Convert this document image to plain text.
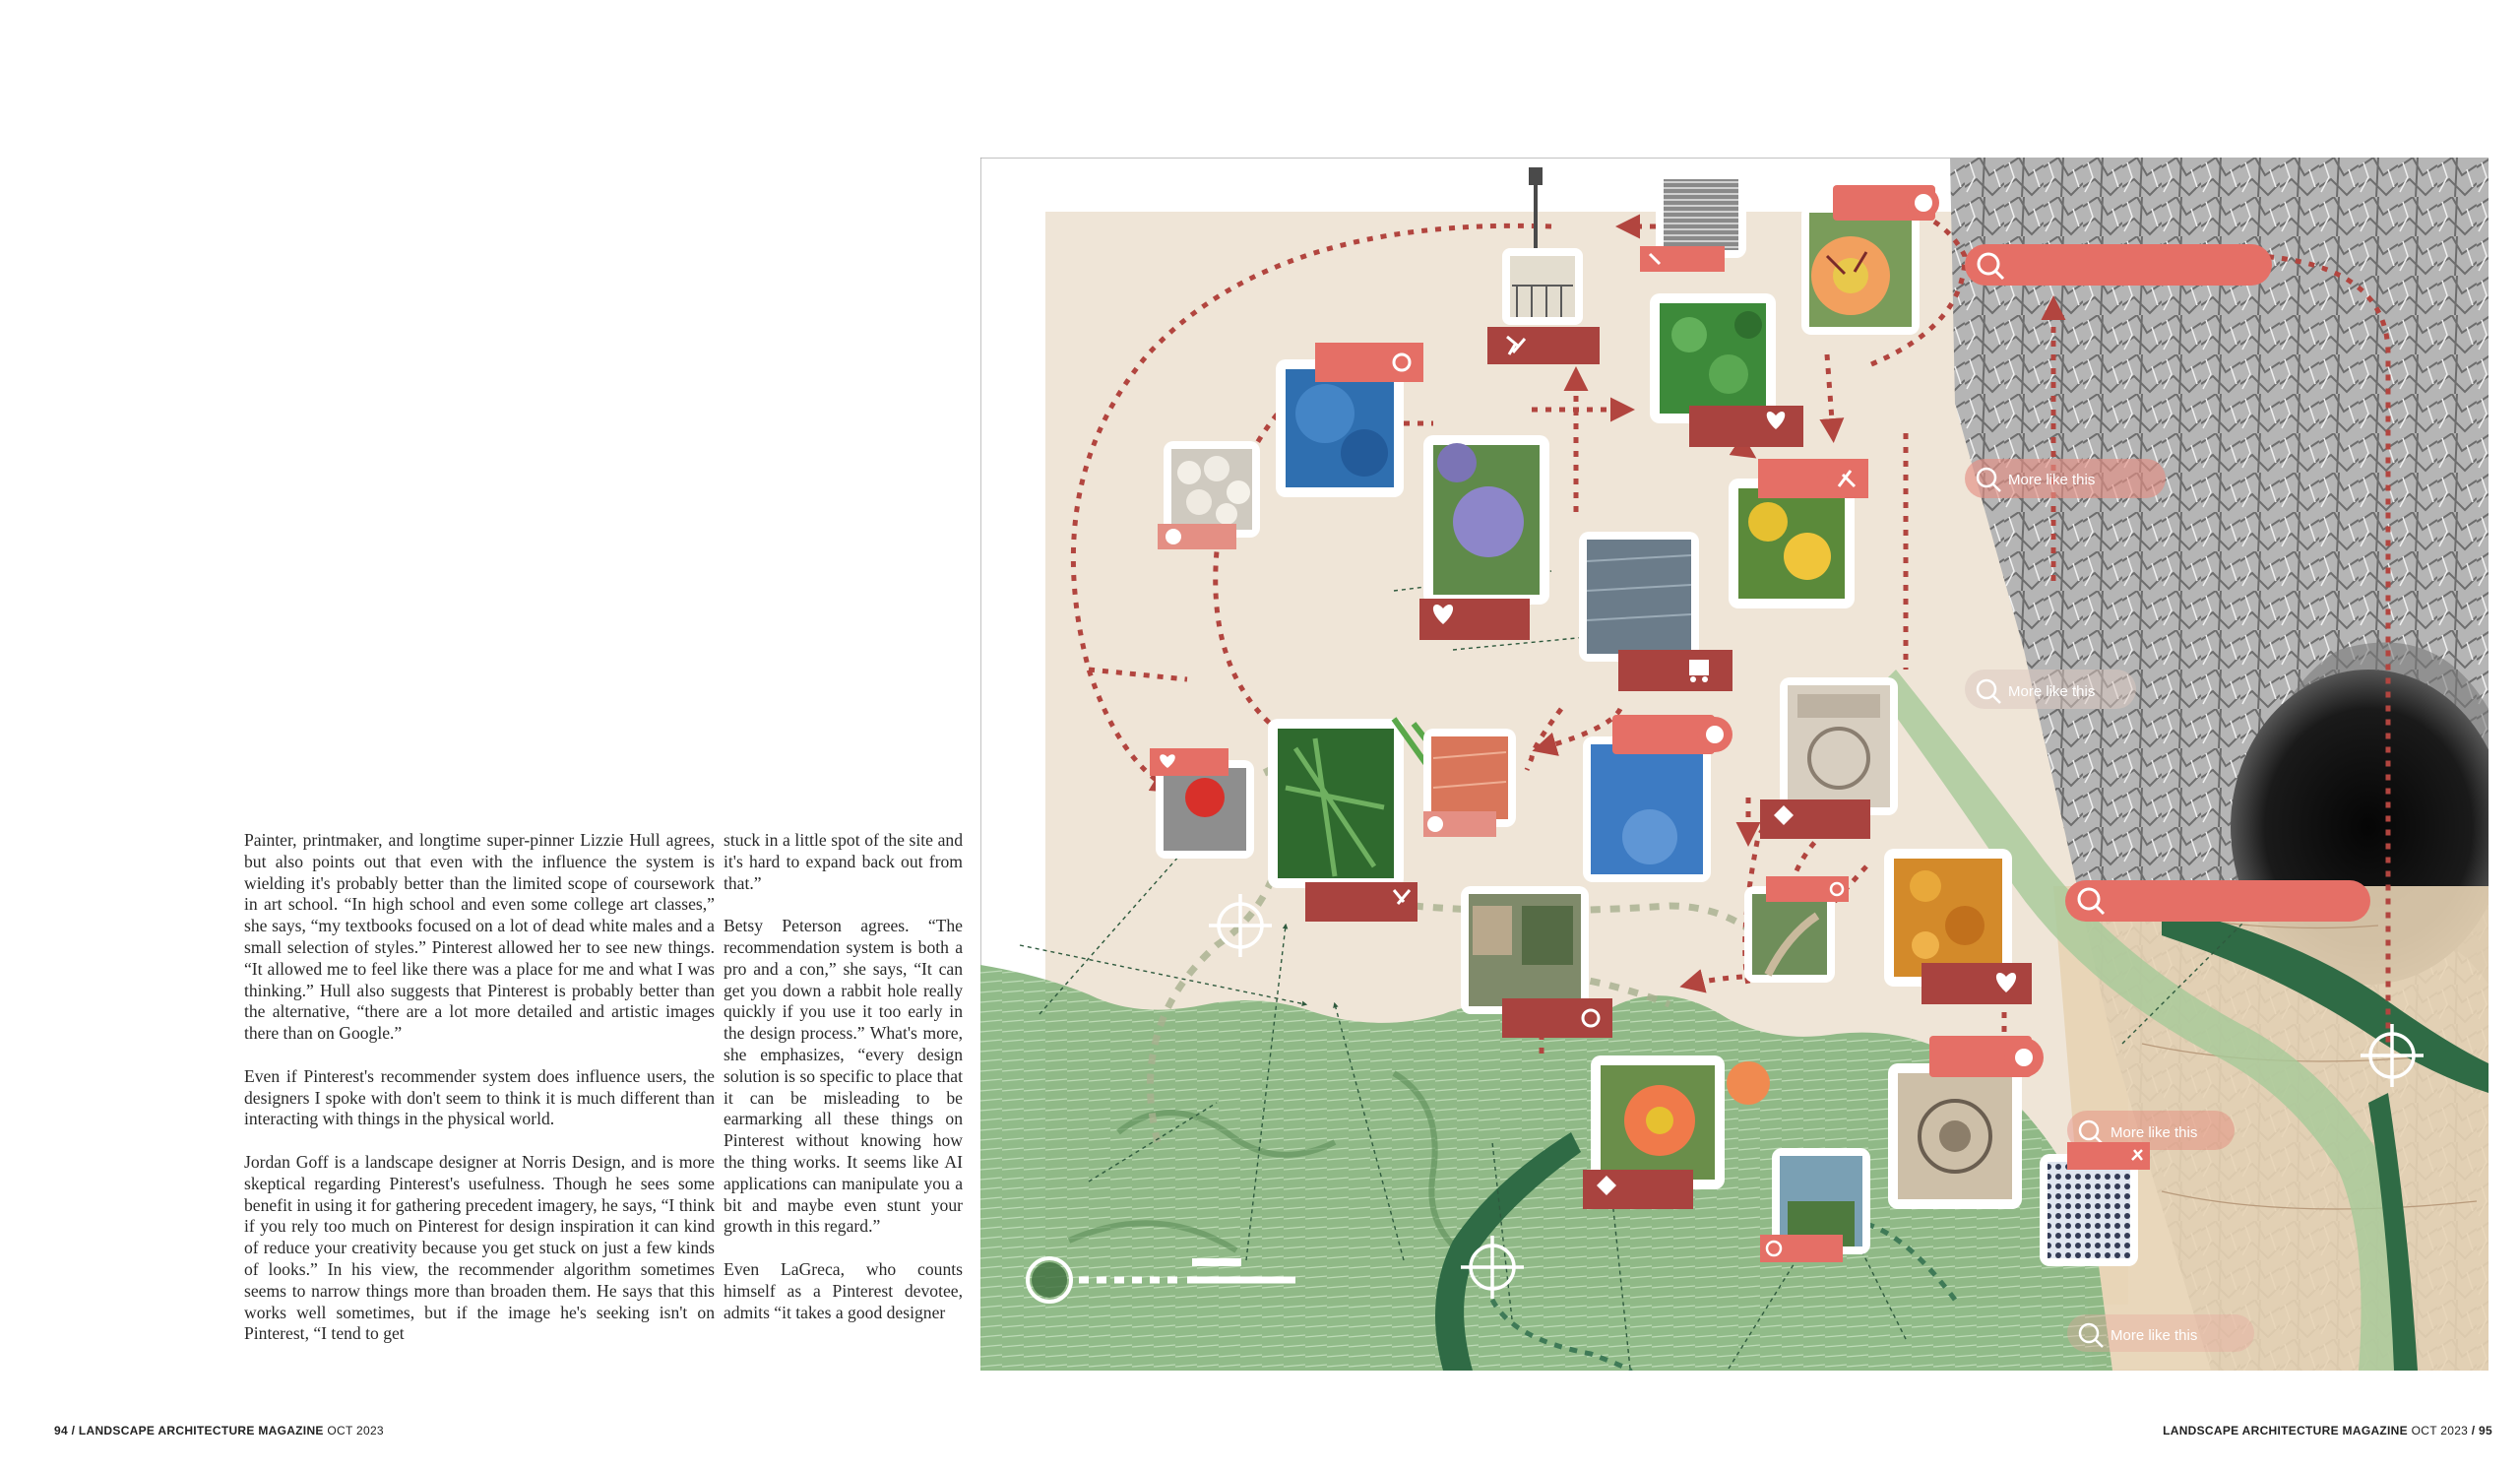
Painter, printmaker, and longtime super-pinner Lizzie Hull agrees, but also points out that even with the influence the system is wielding it's probably better than the limited scope of coursework in art school. “In high school and even some college art classes,” she says, “my textbooks focused on a lot of dead white males and a small selection of styles.” Pinterest allowed her to see new things. “It allowed me to feel like there was a place for me and what I was thinking.” Hull also suggests that Pinterest is probably better than the alternative, “there are a lot more detailed and artistic images there than on Google.”

Even if Pinterest's recommender system does influence users, the designers I spoke with don't seem to think it is much different than interacting with things in the physical world.

Jordan Goff is a landscape designer at Norris Design, and is more skeptical regarding Pinterest's usefulness. Though he sees some benefit in using it for gathering precedent imagery, he says, “I think if you rely too much on Pinterest for design inspiration it can kind of reduce your creativity because you get stuck on just a few kinds of looks.” In his view, the recommender algorithm sometimes seems to narrow things more than broaden them. He says that this works well sometimes, but if the image he's seeking isn't on Pinterest, “I tend to get

stuck in a little spot of the site and it's hard to expand back out from that.”

Betsy Peterson agrees. “The recommendation system is both a pro and a con,” she says, “It can get you down a rabbit hole really quickly if you use it too early in the design process.” What's more, she emphasizes, “every design solution is so specific to place that it can be misleading to be earmarking all these things on Pinterest without knowing how the thing works. It seems like AI applications can manipulate you a bit and maybe even stunt your growth in this regard.”

Even LaGreca, who counts himself as a Pinterest devotee, admits “it takes a good designer

94 / LANDSCAPE ARCHITECTURE MAGAZINE OCT 2023	LANDSCAPE ARCHITECTURE MAGAZINE OCT 2023 / 95
More like this
More like this
More like this
More like this
